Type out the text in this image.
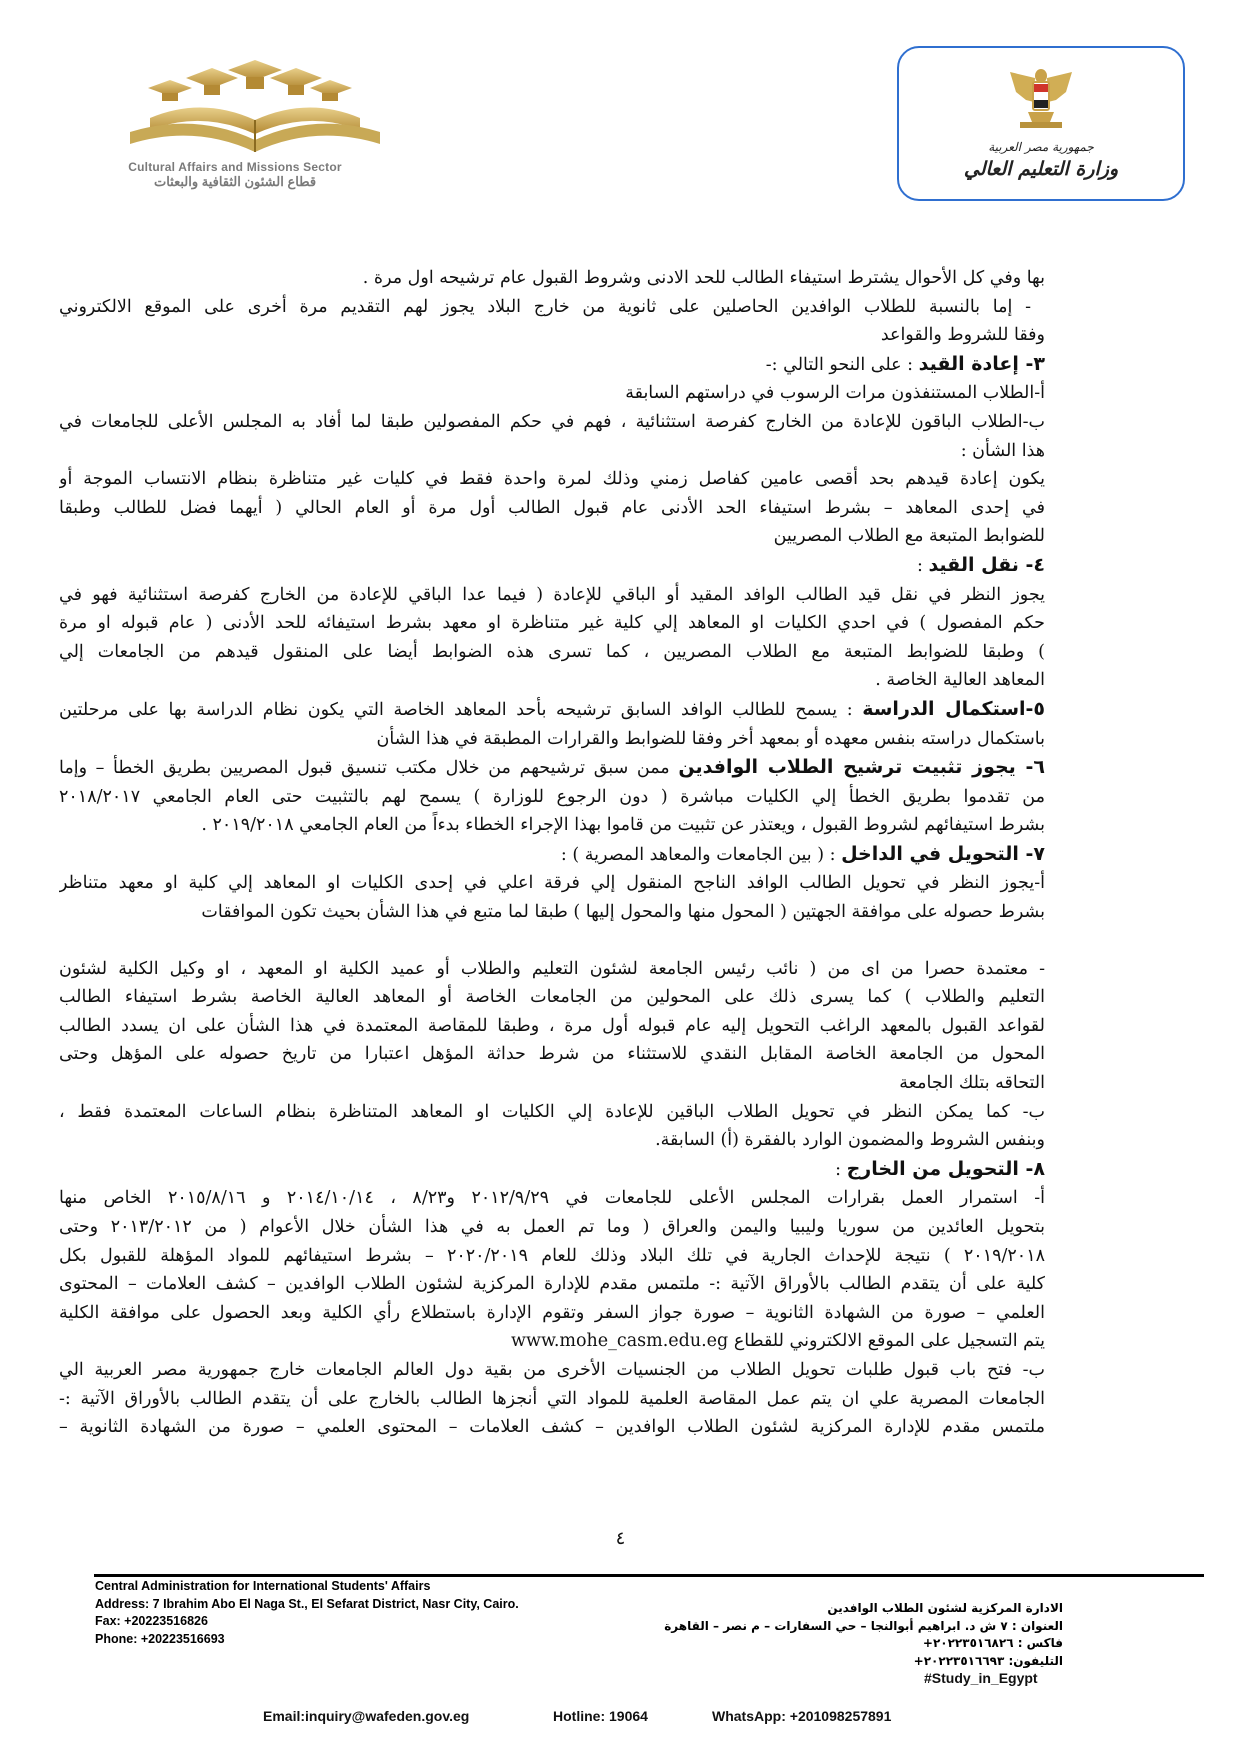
Cultural Affairs and Missions Sector
قطاع الشئون الثقافية والبعثات
جمهورية مصر العربية
وزارة التعليم العالي
بها وفي كل الأحوال يشترط استيفاء الطالب للحد الادنى وشروط القبول عام ترشيحه اول مرة .
- إما بالنسبة للطلاب الوافدين الحاصلين على ثانوية من خارج البلاد يجوز لهم التقديم مرة أخرى على الموقع الالكتروني
وفقا للشروط والقواعد
٣- إعادة القيد : على النحو التالي :-
أ-الطلاب المستنفذون مرات الرسوب في دراستهم السابقة
ب-الطلاب الباقون للإعادة من الخارج كفرصة استثنائية ، فهم في حكم المفصولين طبقا لما أفاد به المجلس الأعلى للجامعات في
هذا الشأن :
يكون إعادة قيدهم بحد أقصى عامين كفاصل زمني وذلك لمرة واحدة فقط في كليات غير متناظرة بنظام الانتساب الموجة أو
في إحدى المعاهد – بشرط استيفاء الحد الأدنى عام قبول الطالب أول مرة أو العام الحالي ( أيهما فضل للطالب وطبقا
للضوابط المتبعة مع الطلاب المصريين
٤- نقل القيد :
يجوز النظر في نقل قيد الطالب الوافد المقيد أو الباقي للإعادة ( فيما عدا الباقي للإعادة من الخارج كفرصة استثنائية فهو في
حكم المفصول ) في احدي الكليات او المعاهد إلي كلية غير متناظرة او معهد بشرط استيفائه للحد الأدنى ( عام قبوله او مرة
) وطبقا للضوابط المتبعة مع الطلاب المصريين ، كما تسرى هذه الضوابط أيضا على المنقول قيدهم من الجامعات إلي
المعاهد العالية الخاصة .
٥-استكمال الدراسة : يسمح للطالب الوافد السابق ترشيحه بأحد المعاهد الخاصة التي يكون نظام الدراسة بها على مرحلتين
باستكمال دراسته بنفس معهده أو بمعهد أخر وفقا للضوابط والقرارات المطبقة في هذا الشأن
٦- يجوز تثبيت ترشيح الطلاب الوافدين ممن سبق ترشيحهم من خلال مكتب تنسيق قبول المصريين بطريق الخطأ – وإما
من تقدموا بطريق الخطأ إلي الكليات مباشرة ( دون الرجوع للوزارة ) يسمح لهم بالتثبيت حتى العام الجامعي ٢٠١٨/٢٠١٧
بشرط استيفائهم لشروط القبول ، ويعتذر عن تثبيت من قاموا بهذا الإجراء الخطاء بدءاً من العام الجامعي ٢٠١٩/٢٠١٨ .
٧- التحويل في الداخل : ( بين الجامعات والمعاهد المصرية ) :
أ-يجوز النظر في تحويل الطالب الوافد الناجح المنقول إلي فرقة اعلي في إحدى الكليات او المعاهد إلي كلية او معهد متناظر
بشرط حصوله على موافقة الجهتين ( المحول منها والمحول إليها ) طبقا لما متبع في هذا الشأن بحيث تكون الموافقات
- معتمدة حصرا من اى من ( نائب رئيس الجامعة لشئون التعليم والطلاب أو عميد الكلية او المعهد ، او وكيل الكلية لشئون
التعليم والطلاب ) كما يسرى ذلك على المحولين من الجامعات الخاصة أو المعاهد العالية الخاصة بشرط استيفاء الطالب
لقواعد القبول بالمعهد الراغب التحويل إليه عام قبوله أول مرة ، وطبقا للمقاصة المعتمدة في هذا الشأن على ان يسدد الطالب
المحول من الجامعة الخاصة المقابل النقدي للاستثناء من شرط حداثة المؤهل اعتبارا من تاريخ حصوله على المؤهل وحتى
التحاقه بتلك الجامعة
ب- كما يمكن النظر في تحويل الطلاب الباقين للإعادة إلي الكليات او المعاهد المتناظرة بنظام الساعات المعتمدة فقط ،
وبنفس الشروط والمضمون الوارد بالفقرة (أ) السابقة.
٨- التحويل من الخارج :
أ- استمرار العمل بقرارات المجلس الأعلى للجامعات في ٢٠١٢/٩/٢٩ و٨/٢٣ ، ٢٠١٤/١٠/١٤ و ٢٠١٥/٨/١٦ الخاص منها
بتحويل العائدين من سوريا وليبيا واليمن والعراق ( وما تم العمل به في هذا الشأن خلال الأعوام ( من ٢٠١٣/٢٠١٢ وحتى
٢٠١٩/٢٠١٨ ) نتيجة للإحداث الجارية في تلك البلاد وذلك للعام ٢٠٢٠/٢٠١٩ – بشرط استيفائهم للمواد المؤهلة للقبول بكل
كلية على أن يتقدم الطالب بالأوراق الآتية :- ملتمس مقدم للإدارة المركزية لشئون الطلاب الوافدين – كشف العلامات – المحتوى
العلمي – صورة من الشهادة الثانوية – صورة جواز السفر وتقوم الإدارة باستطلاع رأي الكلية وبعد الحصول على موافقة الكلية
يتم التسجيل على الموقع الالكتروني للقطاع www.mohe_casm.edu.eg
ب- فتح باب قبول طلبات تحويل الطلاب من الجنسيات الأخرى من بقية دول العالم الجامعات خارج جمهورية مصر العربية الي
الجامعات المصرية علي ان يتم عمل المقاصة العلمية للمواد التي أنجزها الطالب بالخارج على أن يتقدم الطالب بالأوراق الآتية :-
ملتمس مقدم للإدارة المركزية لشئون الطلاب الوافدين – كشف العلامات – المحتوى العلمي – صورة من الشهادة الثانوية –
٤
Central Administration for International Students' Affairs
Address: 7 Ibrahim Abo El Naga St., El Sefarat District, Nasr City, Cairo.
Fax: +20223516826
Phone: +20223516693
الادارة المركزية لشئون الطلاب الوافدين
العنوان : ٧ ش د. ابراهيم أبوالنجا – حي السفارات – م نصر – القاهرة
فاكس : ٢٠٢٢٣٥١٦٨٢٦+
التليفون: ٢٠٢٢٣٥١٦٦٩٣+
#Study_in_Egypt
Email:inquiry@wafeden.gov.eg	Hotline: 19064	WhatsApp: +201098257891
